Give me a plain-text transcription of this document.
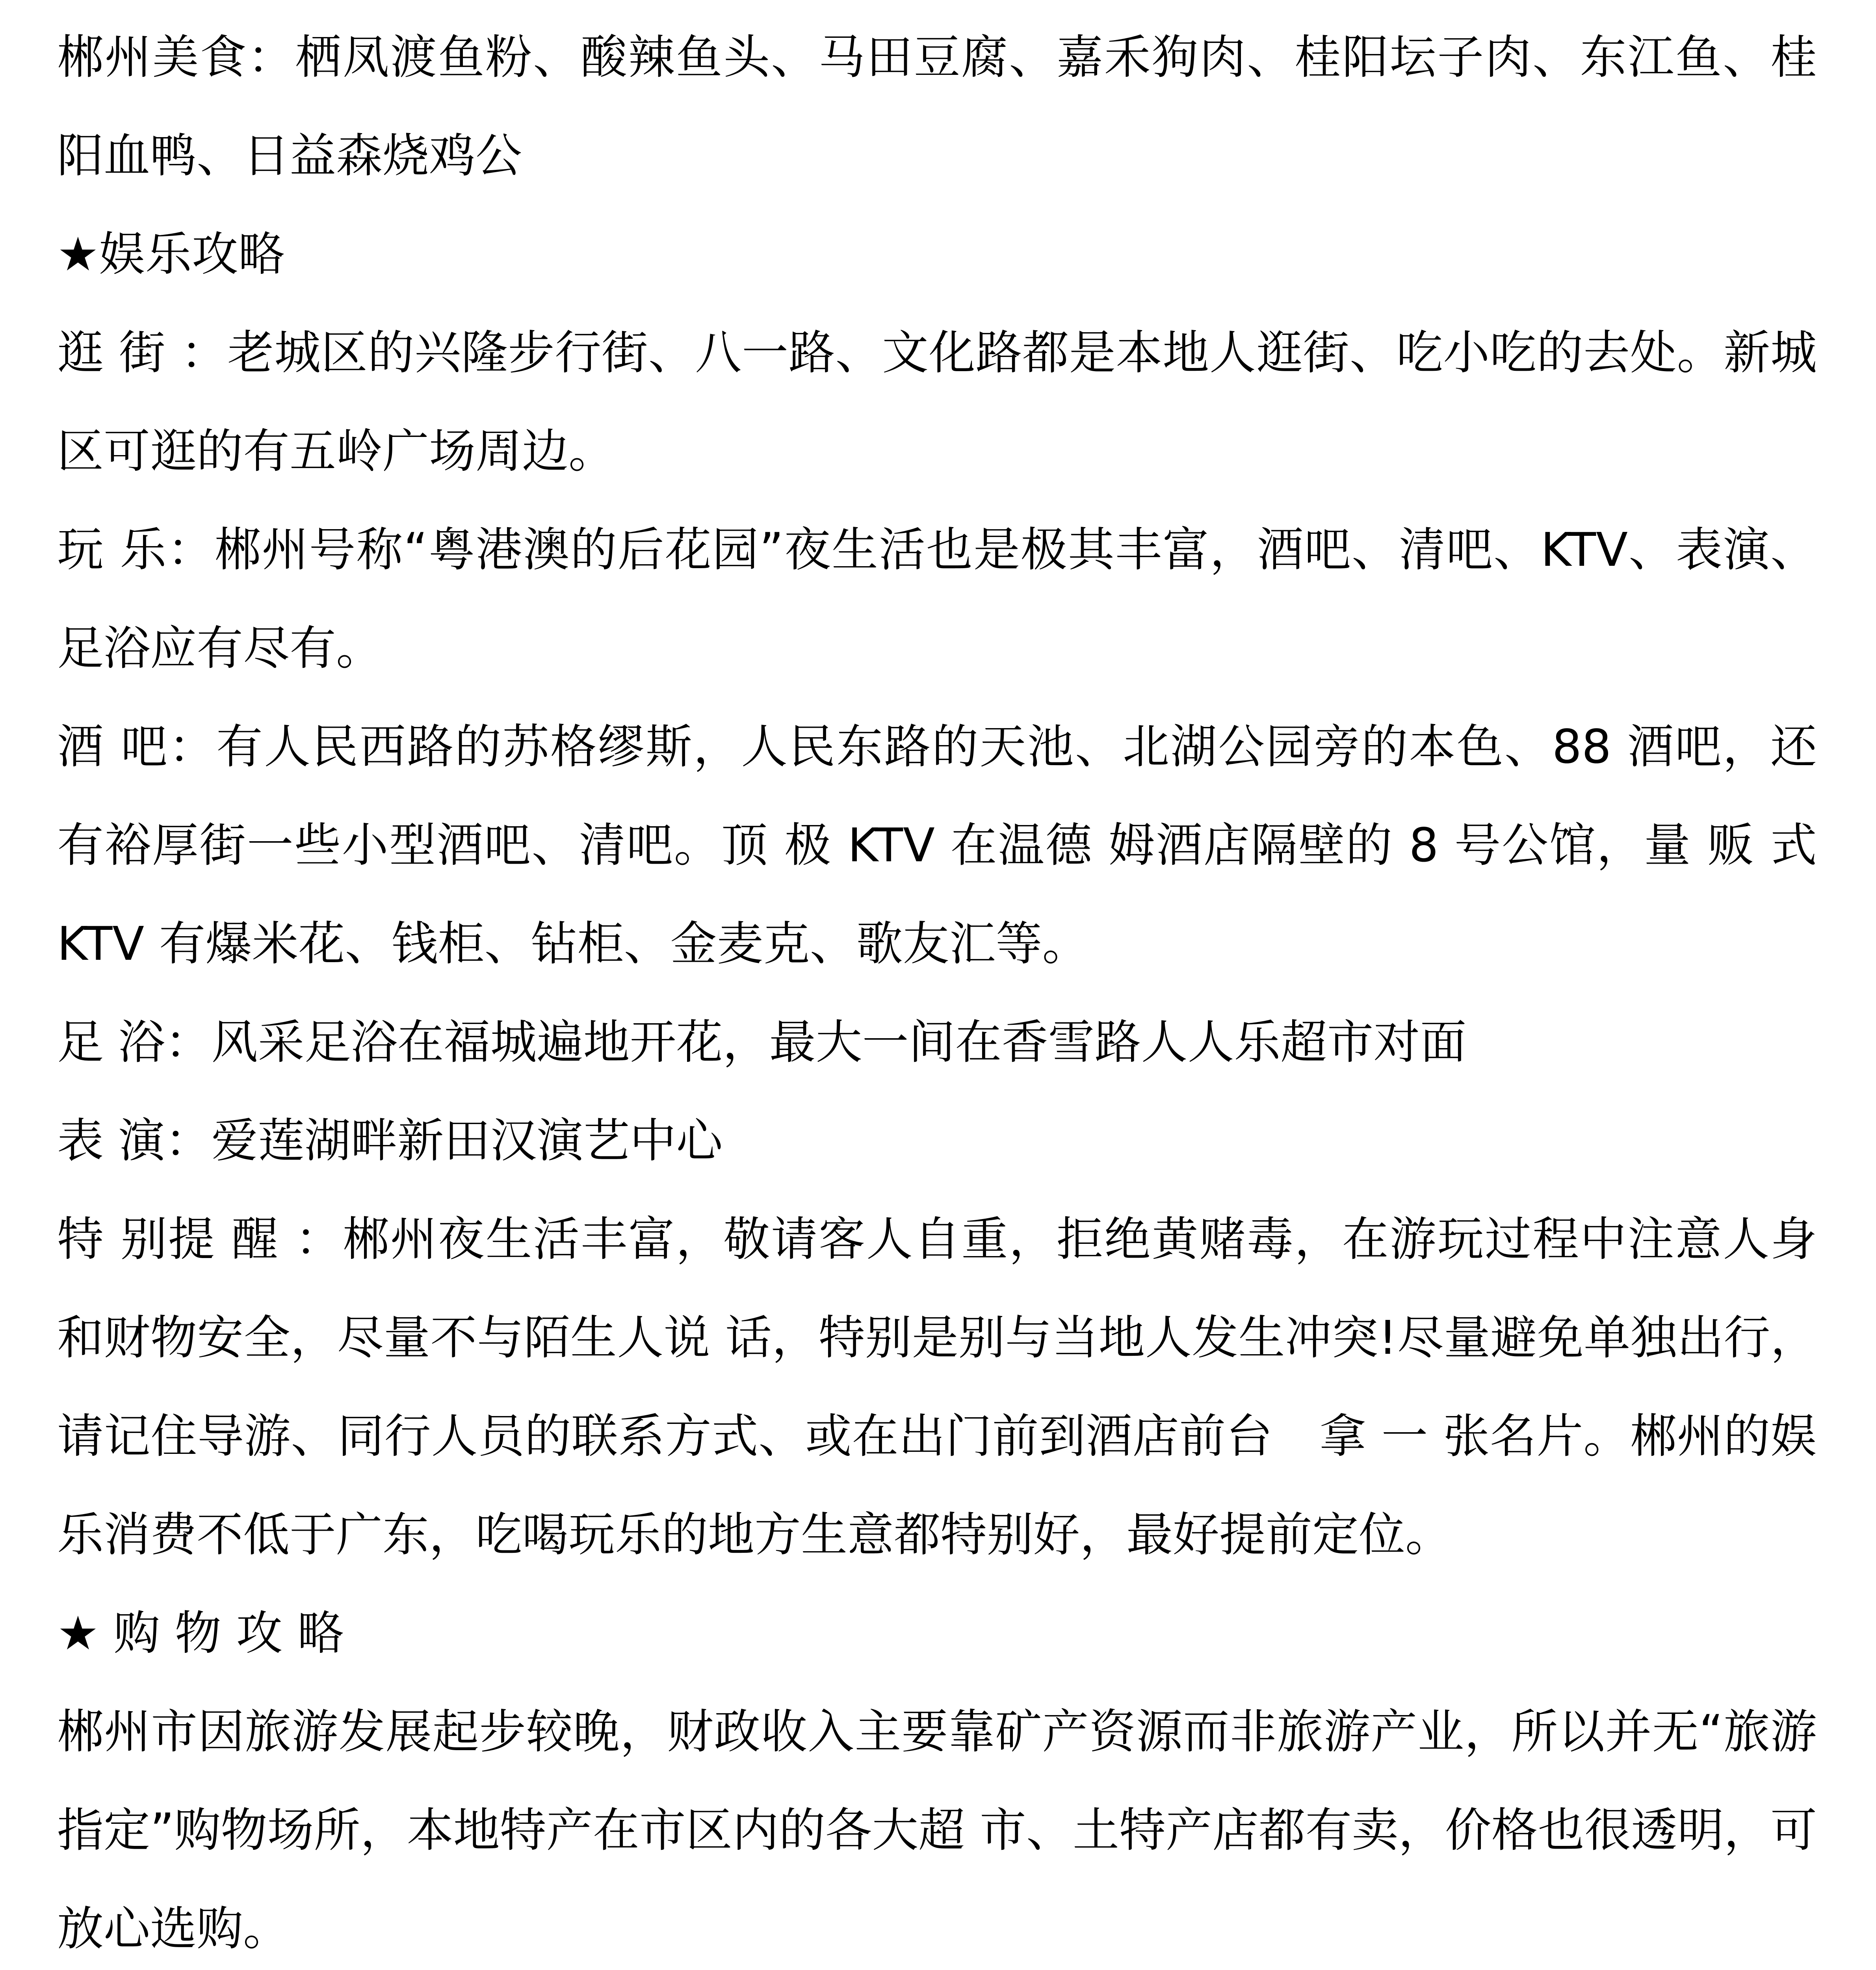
郴州美食：栖凤渡鱼粉、酸辣鱼头、马田豆腐、嘉禾狗肉、桂阳坛子肉、东江鱼、桂阳血鸭、日益森烧鸡公

★娱乐攻略

逛 街 ：老城区的兴隆步行街、八一路、文化路都是本地人逛街、吃小吃的去处。新城区可逛的有五岭广场周边。

玩 乐：郴州号称“粤港澳的后花园”夜生活也是极其丰富，酒吧、清吧、KTV、表演、足浴应有尽有。

酒 吧：有人民西路的苏格缪斯，人民东路的天池、北湖公园旁的本色、88 酒吧，还有裕厚街一些小型酒吧、清吧。顶 极 KTV 在温德 姆酒店隔壁的 8 号公馆，量 贩 式 KTV 有爆米花、钱柜、钻柜、金麦克、歌友汇等。

足 浴：风采足浴在福城遍地开花，最大一间在香雪路人人乐超市对面

表 演：爱莲湖畔新田汉演艺中心

特 别提 醒 ：郴州夜生活丰富，敬请客人自重，拒绝黄赌毒，在游玩过程中注意人身和财物安全，尽量不与陌生人说 话，特别是别与当地人发生冲突!尽量避免单独出行，请记住导游、同行人员的联系方式、或在出门前到酒店前台　拿 一 张名片。郴州的娱乐消费不低于广东，吃喝玩乐的地方生意都特别好，最好提前定位。

★ 购 物 攻 略

郴州市因旅游发展起步较晚，财政收入主要靠矿产资源而非旅游产业，所以并无“旅游指定”购物场所，本地特产在市区内的各大超 市、土特产店都有卖，价格也很透明，可放心选购。
